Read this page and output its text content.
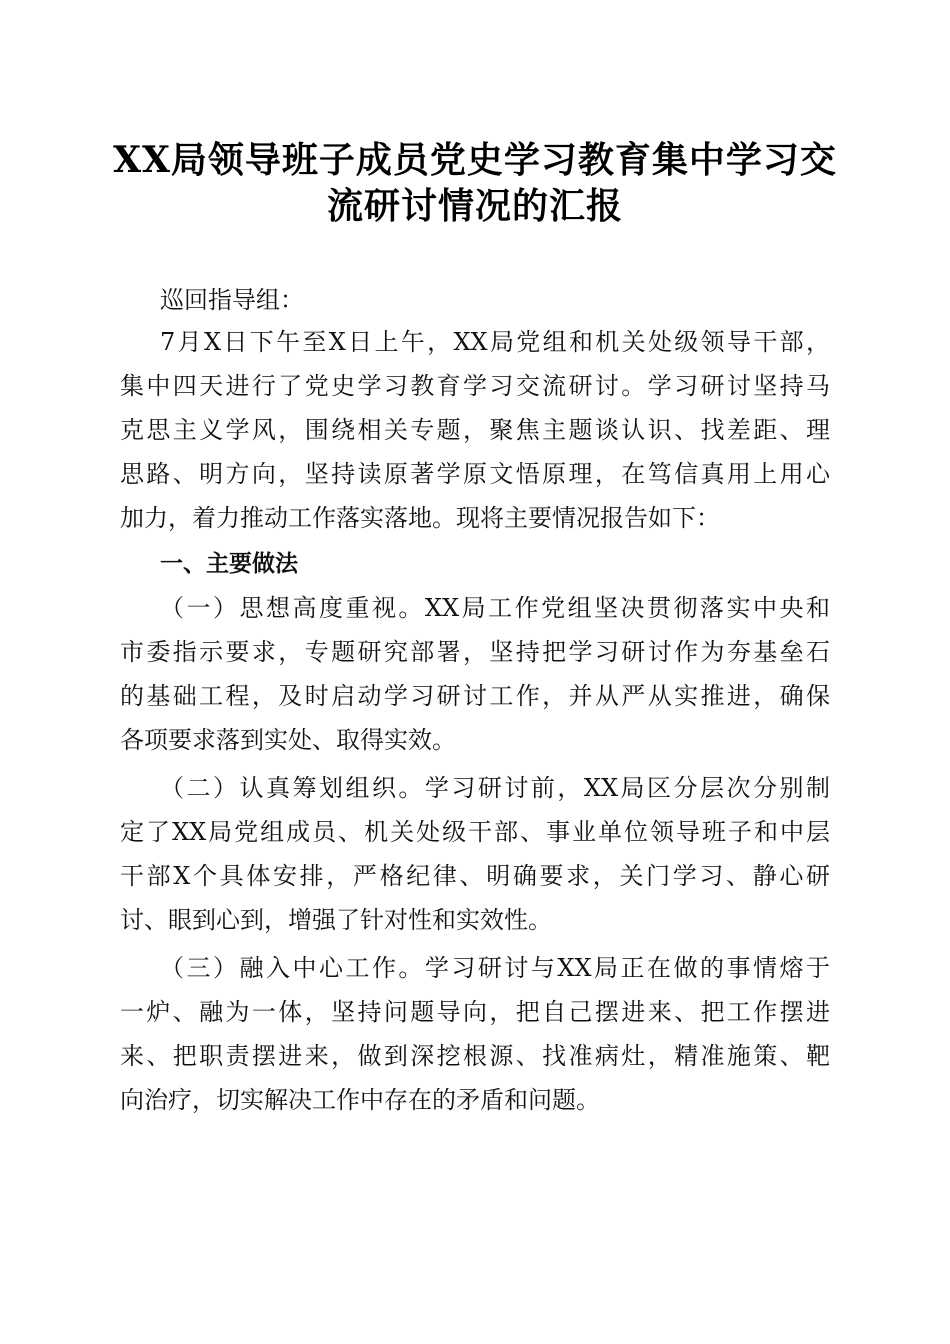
XX局领导班子成员党史学习教育集中学习交

流研讨情况的汇报

巡回指导组：

7月X日下午至X日上午，XX局党组和机关处级领导干部，

集中四天进行了党史学习教育学习交流研讨。学习研讨坚持马

克思主义学风，围绕相关专题，聚焦主题谈认识、找差距、理

思路、明方向，坚持读原著学原文悟原理，在笃信真用上用心

加力，着力推动工作落实落地。现将主要情况报告如下：

一、主要做法

（一）思想高度重视。XX局工作党组坚决贯彻落实中央和

市委指示要求，专题研究部署，坚持把学习研讨作为夯基垒石

的基础工程，及时启动学习研讨工作，并从严从实推进，确保

各项要求落到实处、取得实效。

（二）认真筹划组织。学习研讨前，XX局区分层次分别制

定了XX局党组成员、机关处级干部、事业单位领导班子和中层

干部X个具体安排，严格纪律、明确要求，关门学习、静心研

讨、眼到心到，增强了针对性和实效性。

（三）融入中心工作。学习研讨与XX局正在做的事情熔于

一炉、融为一体，坚持问题导向，把自己摆进来、把工作摆进

来、把职责摆进来，做到深挖根源、找准病灶，精准施策、靶

向治疗，切实解决工作中存在的矛盾和问题。
